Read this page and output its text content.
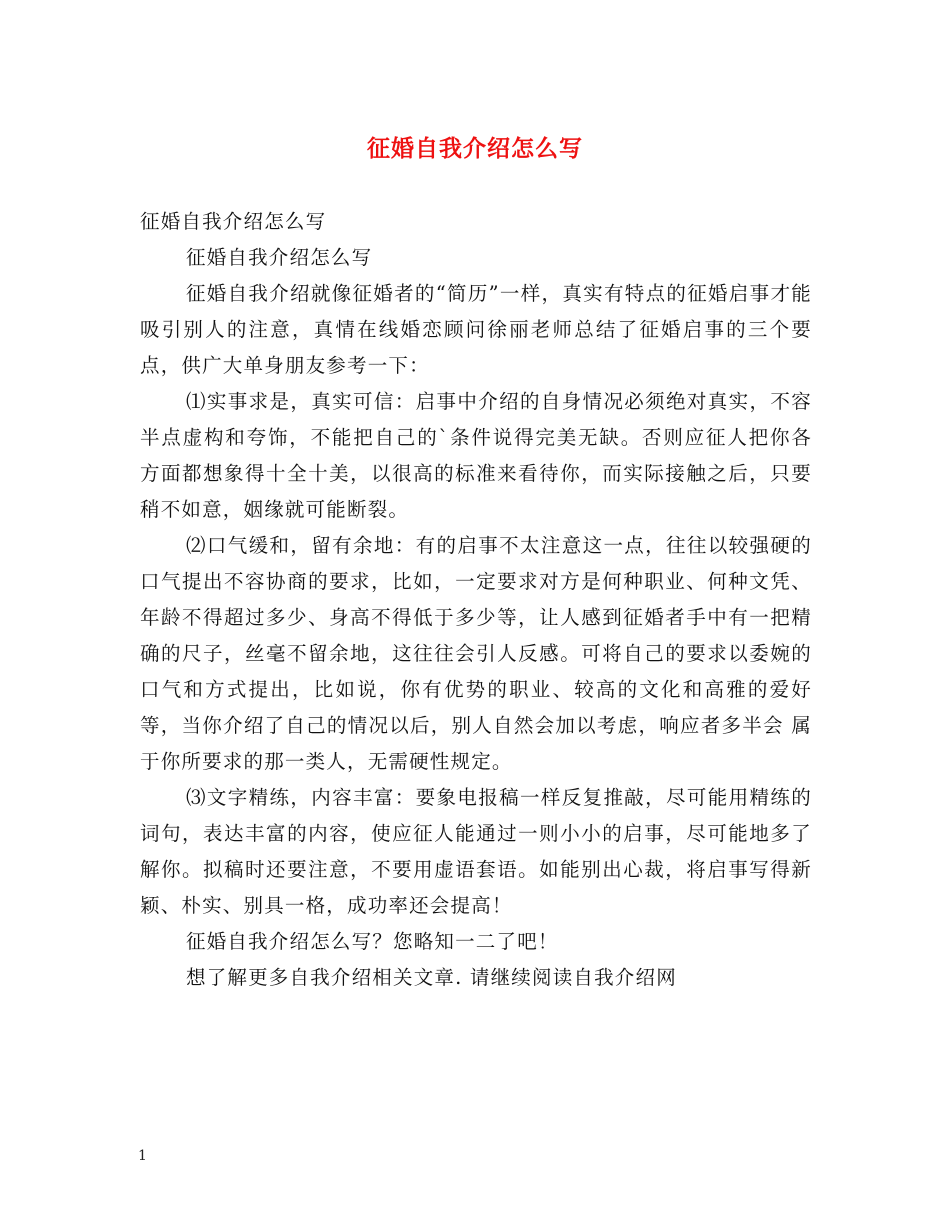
征婚自我介绍怎么写

征婚自我介绍怎么写

征婚自我介绍怎么写

征婚自我介绍就像征婚者的“简历”一样，真实有特点的征婚启事才能吸引别人的注意，真情在线婚恋顾问徐丽老师总结了征婚启事的三个要点，供广大单身朋友参考一下：

⑴实事求是，真实可信：启事中介绍的自身情况必须绝对真实，不容半点虚构和夸饰，不能把自己的`条件说得完美无缺。否则应征人把你各方面都想象得十全十美，以很高的标准来看待你，而实际接触之后，只要稍不如意，姻缘就可能断裂。

⑵口气缓和，留有余地：有的启事不太注意这一点，往往以较强硬的口气提出不容协商的要求，比如，一定要求对方是何种职业、何种文凭、年龄不得超过多少、身高不得低于多少等，让人感到征婚者手中有一把精确的尺子，丝毫不留余地，这往往会引人反感。可将自己的要求以委婉的口气和方式提出，比如说，你有优势的职业、较高的文化和高雅的爱好等，当你介绍了自己的情况以后，别人自然会加以考虑，响应者多半会 属于你所要求的那一类人，无需硬性规定。

⑶文字精练，内容丰富：要象电报稿一样反复推敲，尽可能用精练的词句，表达丰富的内容，使应征人能通过一则小小的启事，尽可能地多了解你。拟稿时还要注意，不要用虚语套语。如能别出心裁，将启事写得新颖、朴实、别具一格，成功率还会提高！

征婚自我介绍怎么写？您略知一二了吧！

想了解更多自我介绍相关文章. 请继续阅读自我介绍网

1
